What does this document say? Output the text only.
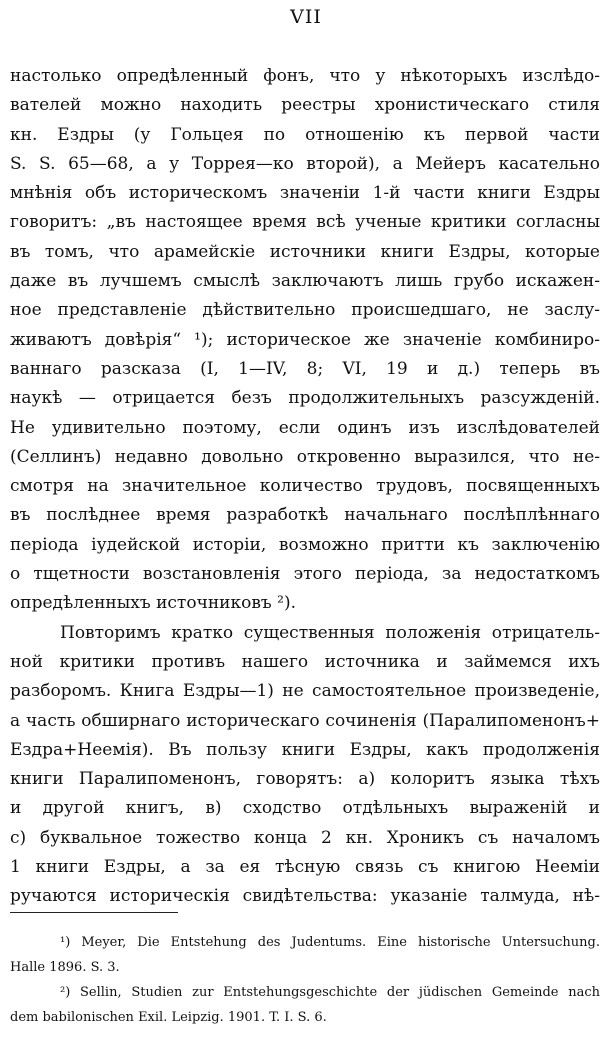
VII
настолько опредѣленный фонъ, что у нѣкоторыхъ изслѣдо-
вателей можно находить реестры хронистическаго стиля
кн. Ездры (у Гольцея по отношенію къ первой части
S. S. 65—68, а у Торрея—ко второй), а Мейеръ касательно
мнѣнія объ историческомъ значеніи 1-й части книги Ездры
говоритъ: „въ настоящее время всѣ ученые критики согласны
въ томъ, что арамейскіе источники книги Ездры, которые
даже въ лучшемъ смыслѣ заключаютъ лишь грубо искажен-
ное представленіе дѣйствительно происшедшаго, не заслу-
живаютъ довѣрія“ ¹); историческое же значеніе комбиниро-
ваннаго разсказа (I, 1—IV, 8; VI, 19 и д.) теперь въ
наукѣ — отрицается безъ продолжительныхъ разсужденій.
Не удивительно поэтому, если одинъ изъ изслѣдователей
(Селлинъ) недавно довольно откровенно выразился, что не-
смотря на значительное количество трудовъ, посвященныхъ
въ послѣднее время разработкѣ начальнаго послѣплѣннаго
періода іудейской исторіи, возможно притти къ заключенію
о тщетности возстановленія этого періода, за недостаткомъ
опредѣленныхъ источниковъ ²).
Повторимъ кратко существенныя положенія отрицатель-
ной критики противъ нашего источника и займемся ихъ
разборомъ. Книга Ездры—1) не самостоятельное произведеніе,
а часть обширнаго историческаго сочиненія (Паралипоменонъ+
Ездра+Неемія). Въ пользу книги Ездры, какъ продолженія
книги Паралипоменонъ, говорятъ: а) колоритъ языка тѣхъ
и другой книгъ, в) сходство отдѣльныхъ выраженій и
с) буквальное тожество конца 2 кн. Хроникъ съ началомъ
1 книги Ездры, а за ея тѣсную связь съ книгою Нееміи
ручаются историческія свидѣтельства: указаніе талмуда, нѣ-
¹) Meyer, Die Entstehung des Judentums. Eine historische Untersuchung.
Halle 1896. S. 3.
²) Sellin, Studien zur Entstehungsgeschichte der jüdischen Gemeinde nach
dem babilonischen Exil. Leipzig. 1901. T. I. S. 6.
